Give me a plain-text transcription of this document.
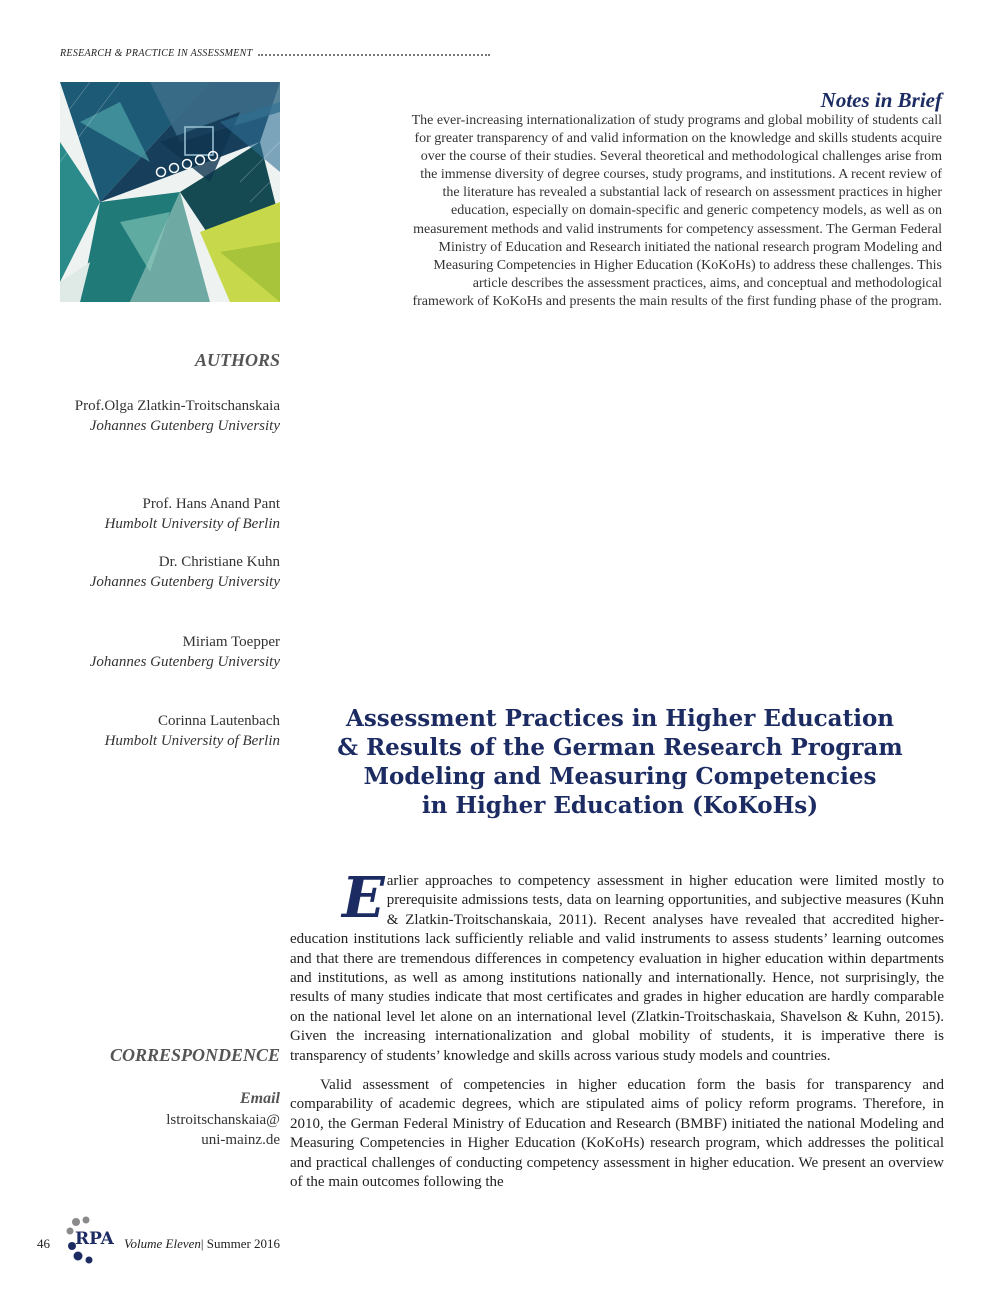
RESEARCH & PRACTICE IN ASSESSMENT

Notes in Brief

The ever-increasing internationalization of study programs and global mobility of students call for greater transparency of and valid information on the knowledge and skills students acquire over the course of their studies. Several theoretical and methodological challenges arise from the immense diversity of degree courses, study programs, and institutions. A recent review of the literature has revealed a substantial lack of research on assessment practices in higher education, especially on domain-specific and generic competency models, as well as on measurement methods and valid instruments for competency assessment. The German Federal Ministry of Education and Research initiated the national research program Modeling and Measuring Competencies in Higher Education (KoKoHs) to address these challenges. This article describes the assessment practices, aims, and conceptual and methodological framework of KoKoHs and presents the main results of the first funding phase of the program.

AUTHORS
Prof.Olga Zlatkin-Troitschanskaia
Johannes Gutenberg University
Prof. Hans Anand Pant
Humbolt University of Berlin
Dr. Christiane Kuhn
Johannes Gutenberg University
Miriam Toepper
Johannes Gutenberg University
Corinna Lautenbach
Humbolt University of Berlin
CORRESPONDENCE
Email
lstroitschanskaia@
uni-mainz.de
Assessment Practices in Higher Education
& Results of the German Research Program
Modeling and Measuring Competencies
in Higher Education (KoKoHs)

Earlier approaches to competency assessment in higher education were limited mostly to prerequisite admissions tests, data on learning opportunities, and subjective measures (Kuhn & Zlatkin-Troitschanskaia, 2011). Recent analyses have revealed that accredited higher-education institutions lack sufficiently reliable and valid instruments to assess students’ learning outcomes and that there are tremendous differences in competency evaluation in higher education within departments and institutions, as well as among institutions nationally and internationally. Hence, not surprisingly, the results of many studies indicate that most certificates and grades in higher education are hardly comparable on the national level let alone on an international level (Zlatkin-Troitschaskaia, Shavelson & Kuhn, 2015). Given the increasing internationalization and global mobility of students, it is imperative there is transparency of students’ knowledge and skills across various study models and countries.

Valid assessment of competencies in higher education form the basis for transparency and comparability of academic degrees, which are stipulated aims of policy reform programs. Therefore, in 2010, the German Federal Ministry of Education and Research (BMBF) initiated the national Modeling and Measuring Competencies in Higher Education (KoKoHs) research program, which addresses the political and practical challenges of conducting competency assessment in higher education. We present an overview of the main outcomes following the

46 RPA Volume Eleven| Summer 2016
